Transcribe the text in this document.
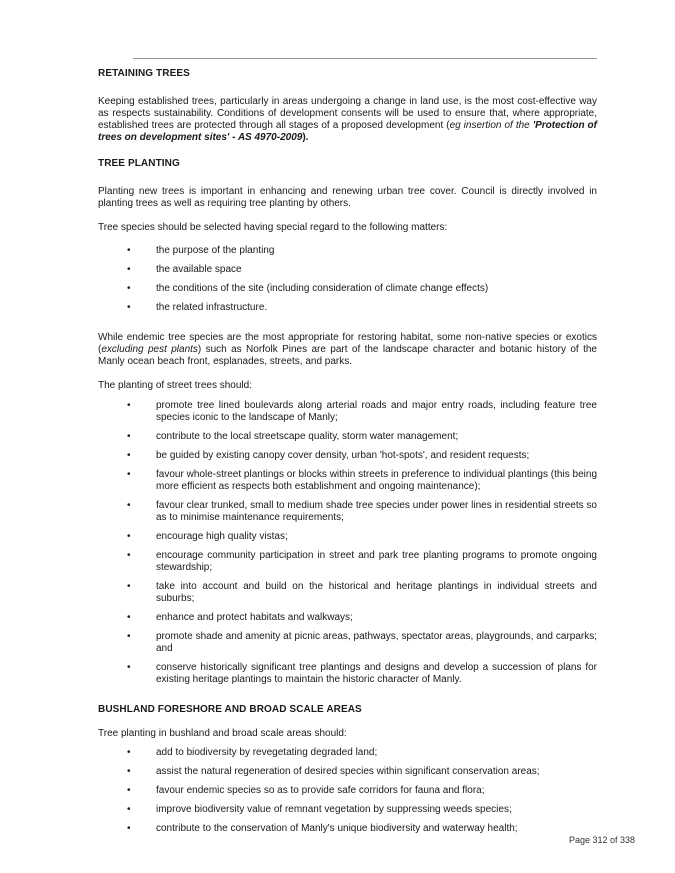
RETAINING TREES

Keeping established trees, particularly in areas undergoing a change in land use, is the most cost-effective way as respects sustainability. Conditions of development consents will be used to ensure that, where appropriate, established trees are protected through all stages of a proposed development (eg insertion of the 'Protection of trees on development sites' - AS 4970-2009).

TREE PLANTING

Planting new trees is important in enhancing and renewing urban tree cover. Council is directly involved in planting trees as well as requiring tree planting by others.

Tree species should be selected having special regard to the following matters:

• the purpose of the planting
• the available space
• the conditions of the site (including consideration of climate change effects)
• the related infrastructure.

While endemic tree species are the most appropriate for restoring habitat, some non-native species or exotics (excluding pest plants) such as Norfolk Pines are part of the landscape character and botanic history of the Manly ocean beach front, esplanades, streets, and parks.

The planting of street trees should:

• promote tree lined boulevards along arterial roads and major entry roads, including feature tree species iconic to the landscape of Manly;
• contribute to the local streetscape quality, storm water management;
• be guided by existing canopy cover density, urban 'hot-spots', and resident requests;
• favour whole-street plantings or blocks within streets in preference to individual plantings (this being more efficient as respects both establishment and ongoing maintenance);
• favour clear trunked, small to medium shade tree species under power lines in residential streets so as to minimise maintenance requirements;
• encourage high quality vistas;
• encourage community participation in street and park tree planting programs to promote ongoing stewardship;
• take into account and build on the historical and heritage plantings in individual streets and suburbs;
• enhance and protect habitats and walkways;
• promote shade and amenity at picnic areas, pathways, spectator areas, playgrounds, and carparks; and
• conserve historically significant tree plantings and designs and develop a succession of plans for existing heritage plantings to maintain the historic character of Manly.
BUSHLAND FORESHORE AND BROAD SCALE AREAS

Tree planting in bushland and broad scale areas should:

• add to biodiversity by revegetating degraded land;
• assist the natural regeneration of desired species within significant conservation areas;
• favour endemic species so as to provide safe corridors for fauna and flora;
• improve biodiversity value of remnant vegetation by suppressing weeds species;
• contribute to the conservation of Manly's unique biodiversity and waterway health;
Page 312 of 338
